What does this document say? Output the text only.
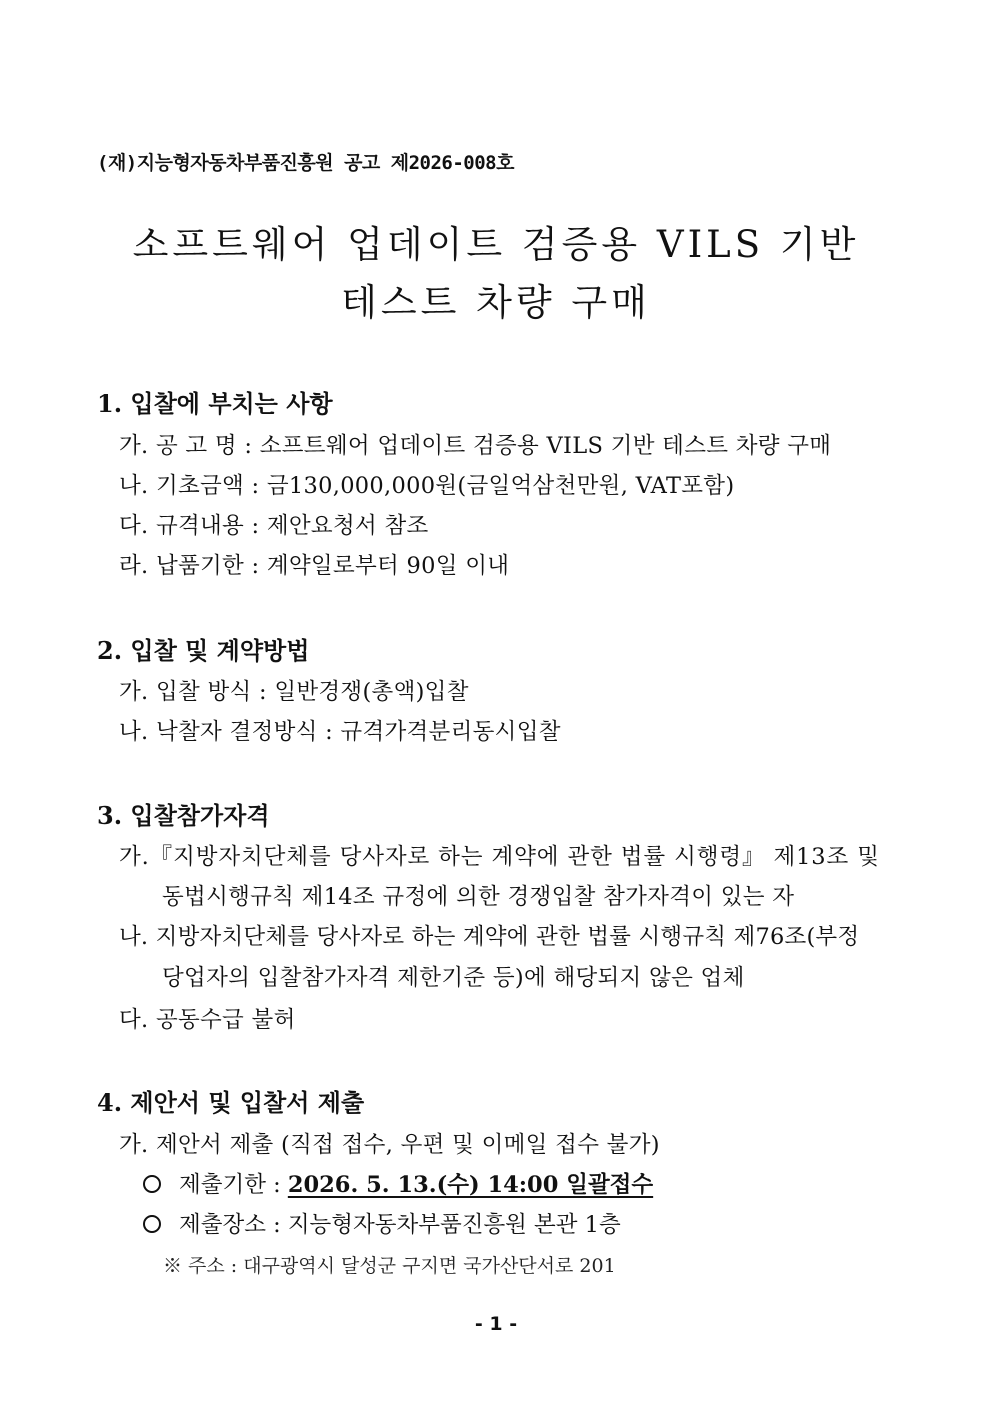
(재)지능형자동차부품진흥원 공고 제2026-008호
소프트웨어 업데이트 검증용 VILS 기반
테스트 차량 구매
1. 입찰에 부치는 사항
가. 공 고 명 : 소프트웨어 업데이트 검증용 VILS 기반 테스트 차량 구매
나. 기초금액 : 금130,000,000원(금일억삼천만원, VAT포함)
다. 규격내용 : 제안요청서 참조
라. 납품기한 : 계약일로부터 90일 이내
2. 입찰 및 계약방법
가. 입찰 방식 : 일반경쟁(총액)입찰
나. 낙찰자 결정방식 : 규격가격분리동시입찰
3. 입찰참가자격
가.『지방자치단체를 당사자로 하는 계약에 관한 법률 시행령』 제13조 및
동법시행규칙 제14조 규정에 의한 경쟁입찰 참가자격이 있는 자
나. 지방자치단체를 당사자로 하는 계약에 관한 법률 시행규칙 제76조(부정
당업자의 입찰참가자격 제한기준 등)에 해당되지 않은 업체
다. 공동수급 불허
4. 제안서 및 입찰서 제출
가. 제안서 제출 (직접 접수, 우편 및 이메일 접수 불가)
제출기한 : 2026. 5. 13.(수) 14:00 일괄접수
제출장소 : 지능형자동차부품진흥원 본관 1층
※ 주소 : 대구광역시 달성군 구지면 국가산단서로 201
- 1 -
